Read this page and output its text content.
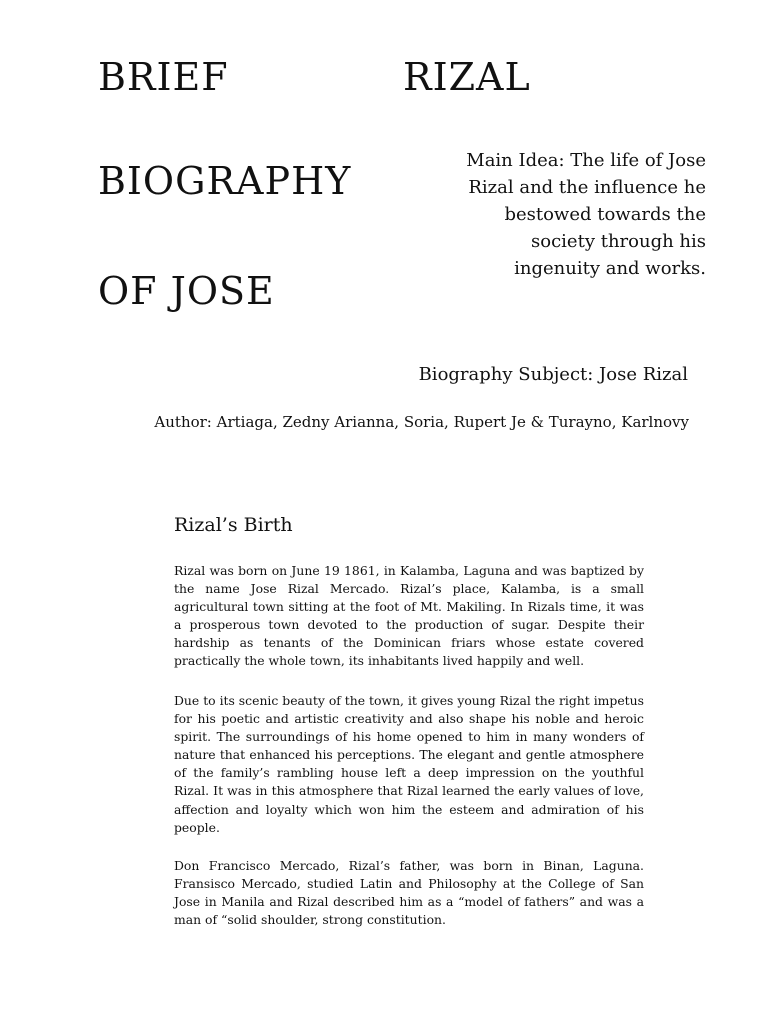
BRIEF	RIZAL
BIOGRAPHY
OF JOSE
Main Idea: The life of Jose Rizal and the influence he bestowed towards the society through his ingenuity and works.
Biography Subject: Jose Rizal
Author: Artiaga, Zedny Arianna, Soria, Rupert Je & Turayno, Karlnovy
Rizal’s Birth

Rizal was born on June 19 1861, in Kalamba, Laguna and was baptized by the name Jose Rizal Mercado. Rizal’s place, Kalamba, is a small agricultural town sitting at the foot of Mt. Makiling. In Rizals time, it was a prosperous town devoted to the production of sugar. Despite their hardship as tenants of the Dominican friars whose estate covered practically the whole town, its inhabitants lived happily and well.

Due to its scenic beauty of the town, it gives young Rizal the right impetus for his poetic and artistic creativity and also shape his noble and heroic spirit. The surroundings of his home opened to him in many wonders of nature that enhanced his perceptions. The elegant and gentle atmosphere of the family’s rambling house left a deep impression on the youthful Rizal. It was in this atmosphere that Rizal learned the early values of love, affection and loyalty which won him the esteem and admiration of his people.

Don Francisco Mercado, Rizal’s father, was born in Binan, Laguna. Fransisco Mercado, studied Latin and Philosophy at the College of San Jose in Manila and Rizal described him as a “model of fathers” and was a man of “solid shoulder, strong constitution.
